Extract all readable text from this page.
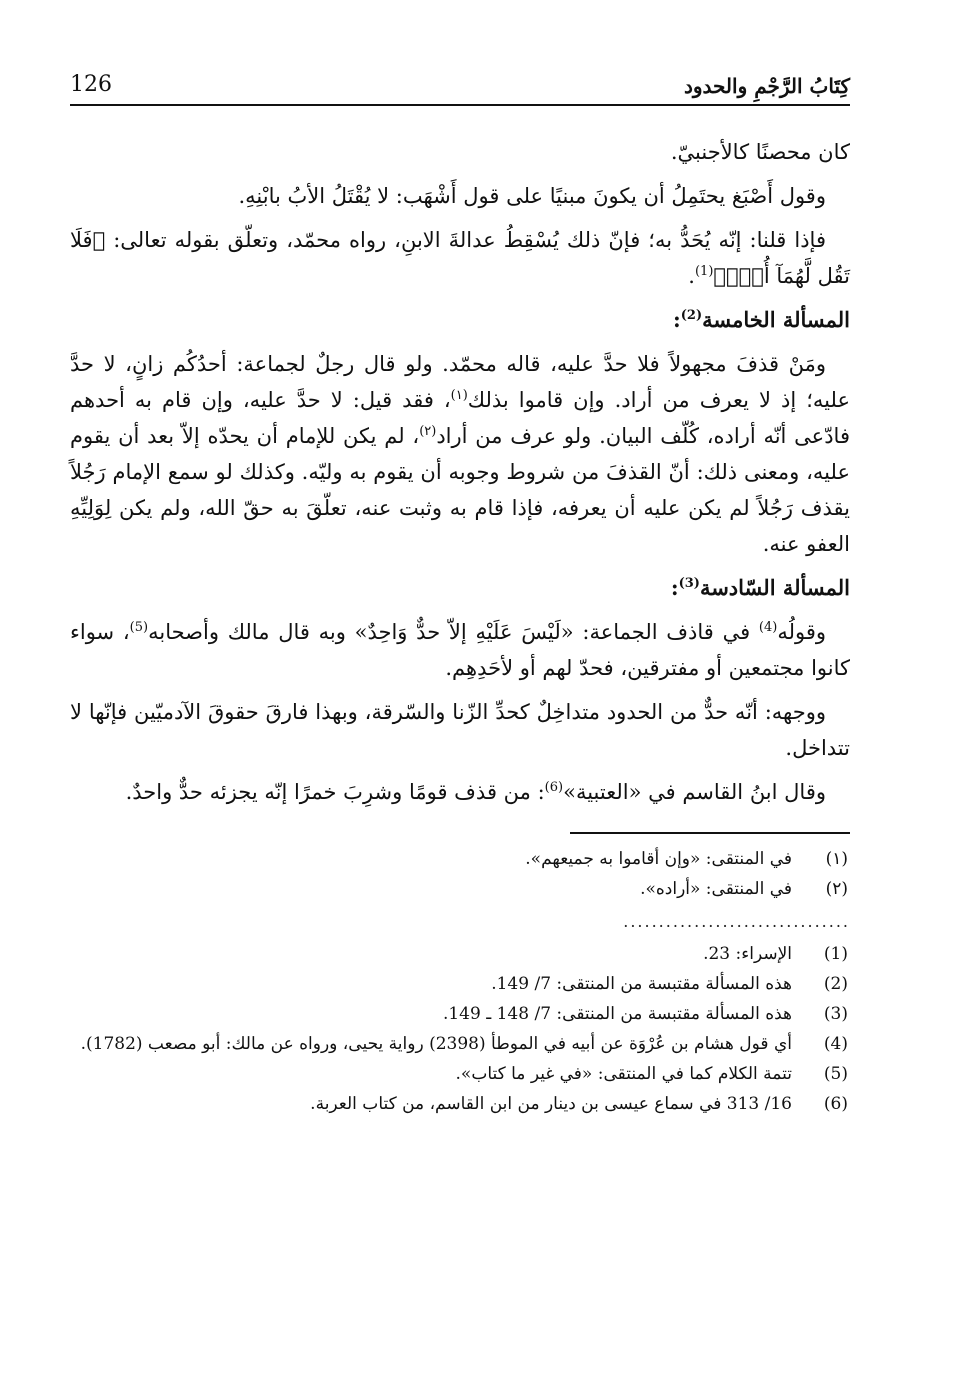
كِتَابُ الرَّجْمِ والحدود
126

كان محصنًا كالأجنبيّ.

وقول أَصْبَغ يحتَمِلُ أن يكونَ مبنيًا على قول أَشْهَب: لا يُقْتَلُ الأبُ بابْنِهِ.

فإذا قلنا: إنّه يُحَدُّ به؛ فإنّ ذلك يُسْقِطُ عدالةَ الابنِ، رواه محمّد، وتعلّق بقوله تعالى: ﴿فَلَا تَقُل لَّهُمَآ أُفّٖ﴾$^{(1)}$.

المسألة الخامسة$^{(2)}$:

ومَنْ قذفَ مجهولاً فلا حدَّ عليه، قاله محمّد. ولو قال رجلٌ لجماعة: أحدُكُم زانٍ، لا حدَّ عليه؛ إذ لا يعرف من أراد. وإن قاموا بذلك$^{(١)}$، فقد قيل: لا حدَّ عليه، وإن قام به أحدهم فادّعى أنّه أراده، كُلّف البيان. ولو عرف من أراد$^{(٢)}$، لم يكن للإمام أن يحدّه إلاّ بعد أن يقوم عليه، ومعنى ذلك: أنّ القذفَ من شروط وجوبه أن يقوم به وليّه. وكذلك لو سمع الإمام رَجُلاً يقذف رَجُلاً لم يكن عليه أن يعرفه، فإذا قام به وثبت عنه، تعلّقَ به حقّ الله، ولم يكن لِوَلِيِّهِ العفو عنه.

المسألة السّادسة$^{(3)}$:

وقولُه$^{(4)}$ في قاذف الجماعة: «لَيْسَ عَلَيْهِ إلاّ حدٌّ وَاحِدٌ» وبه قال مالك وأصحابه$^{(5)}$، سواء كانوا مجتمعين أو مفترقين، فحدّ لهم أو لأحَدِهِم.

ووجهه: أنّه حدٌّ من الحدود متداخِلٌ كحدِّ الزّنا والسّرقة، وبهذا فارقَ حقوقَ الآدميّين فإنّها لا تتداخل.

وقال ابنُ القاسم في «العتبية»$^{(6)}$: من قذف قومًا وشرِبَ خمرًا إنّه يجزئه حدٌّ واحدٌ.

(١)
في المنتقى: «وإن أقاموا به جميعهم».
(٢)
في المنتقى: «أراده».
................................
(1)
الإسراء: 23.
(2)
هذه المسألة مقتبسة من المنتقى: 7/ 149.
(3)
هذه المسألة مقتبسة من المنتقى: 7/ 148 ـ 149.
(4)
أي قول هشام بن عُرْوَة عن أبيه في الموطأ (2398) رواية يحيى، ورواه عن مالك: أبو مصعب (1782).
(5)
تتمة الكلام كما في المنتقى: «في غير ما كتاب».
(6)
16/ 313 في سماع عيسى بن دينار من ابن القاسم، من كتاب العربة.
